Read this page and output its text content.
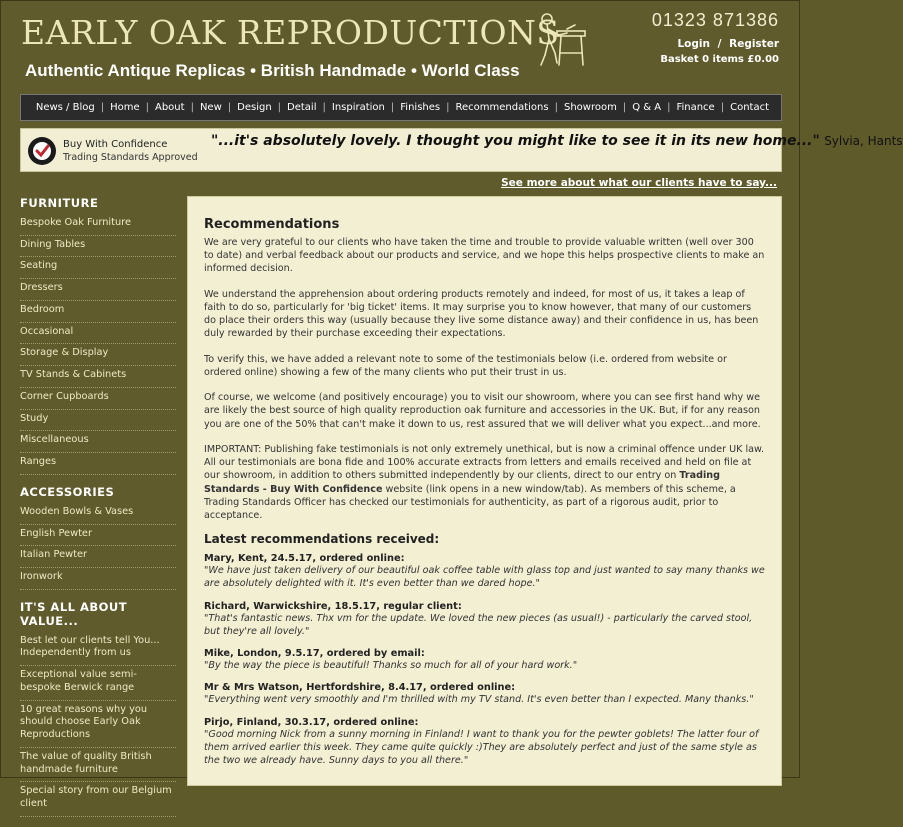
EARLY OAK REPRODUCTIONS
Authentic Antique Replicas • British Handmade • World Class
01323 871386
Login / Register
Basket 0 items £0.00
News / Blog | Home | About | New | Design | Detail | Inspiration | Finishes | Recommendations | Showroom | Q & A | Finance | Contact
Buy With Confidence
Trading Standards Approved
"...it's absolutely lovely. I thought you might like to see it in its new home..." Sylvia, Hants
See more about what our clients have to say...
FURNITURE
Bespoke Oak Furniture
Dining Tables
Seating
Dressers
Bedroom
Occasional
Storage & Display
TV Stands & Cabinets
Corner Cupboards
Study
Miscellaneous
Ranges
ACCESSORIES
Wooden Bowls & Vases
English Pewter
Italian Pewter
Ironwork
IT'S ALL ABOUT VALUE...
Best let our clients tell You... Independently from us
Exceptional value semi-bespoke Berwick range
10 great reasons why you should choose Early Oak Reproductions
The value of quality British handmade furniture
Special story from our Belgium client
Recommendations

We are very grateful to our clients who have taken the time and trouble to provide valuable written (well over 300 to date) and verbal feedback about our products and service, and we hope this helps prospective clients to make an informed decision.

We understand the apprehension about ordering products remotely and indeed, for most of us, it takes a leap of faith to do so, particularly for 'big ticket' items. It may surprise you to know however, that many of our customers do place their orders this way (usually because they live some distance away) and their confidence in us, has been duly rewarded by their purchase exceeding their expectations.

To verify this, we have added a relevant note to some of the testimonials below (i.e. ordered from website or ordered online) showing a few of the many clients who put their trust in us.

Of course, we welcome (and positively encourage) you to visit our showroom, where you can see first hand why we are likely the best source of high quality reproduction oak furniture and accessories in the UK. But, if for any reason you are one of the 50% that can't make it down to us, rest assured that we will deliver what you expect...and more.

IMPORTANT: Publishing fake testimonials is not only extremely unethical, but is now a criminal offence under UK law. All our testimonials are bona fide and 100% accurate extracts from letters and emails received and held on file at our showroom, in addition to others submitted independently by our clients, direct to our entry on Trading Standards - Buy With Confidence website (link opens in a new window/tab). As members of this scheme, a Trading Standards Officer has checked our testimonials for authenticity, as part of a rigorous audit, prior to acceptance.

Latest recommendations received:
Mary, Kent, 24.5.17, ordered online:
"We have just taken delivery of our beautiful oak coffee table with glass top and just wanted to say many thanks we are absolutely delighted with it. It's even better than we dared hope."
Richard, Warwickshire, 18.5.17, regular client:
"That's fantastic news. Thx vm for the update. We loved the new pieces (as usual!) - particularly the carved stool, but they're all lovely."
Mike, London, 9.5.17, ordered by email:
"By the way the piece is beautiful! Thanks so much for all of your hard work."
Mr & Mrs Watson, Hertfordshire, 8.4.17, ordered online:
"Everything went very smoothly and I'm thrilled with my TV stand. It's even better than I expected. Many thanks."
Pirjo, Finland, 30.3.17, ordered online:
"Good morning Nick from a sunny morning in Finland! I want to thank you for the pewter goblets! The latter four of them arrived earlier this week. They came quite quickly :)They are absolutely perfect and just of the same style as the two we already have. Sunny days to you all there."
